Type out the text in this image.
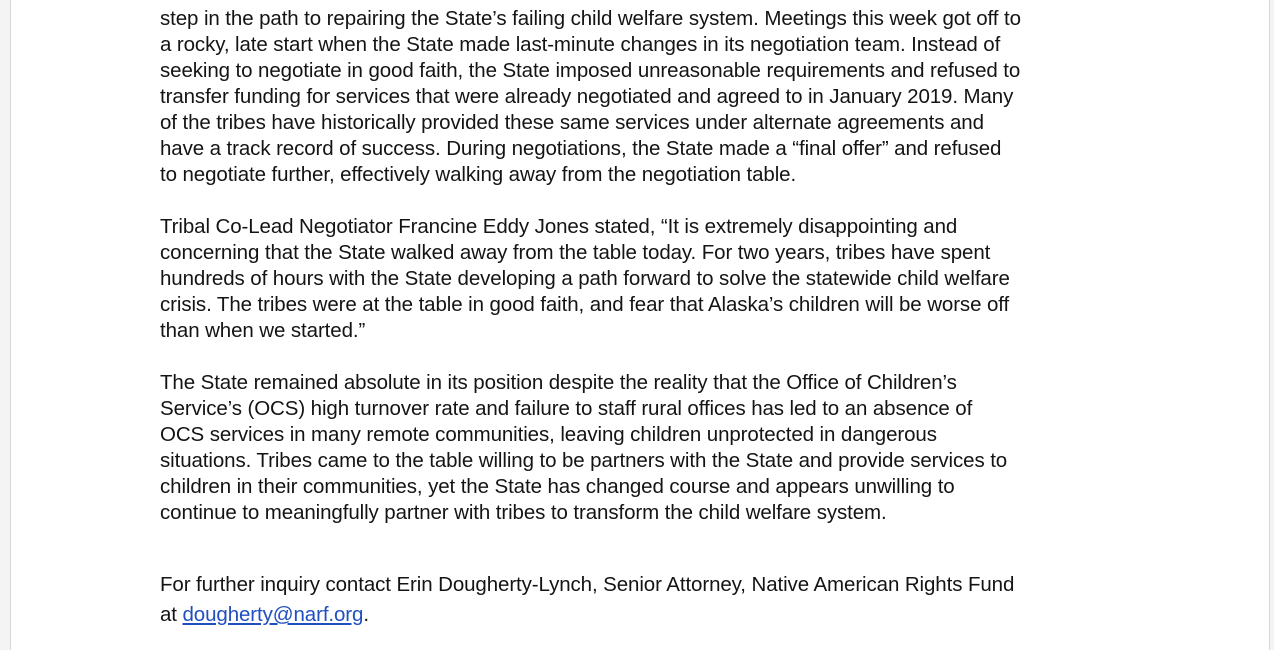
step in the path to repairing the State’s failing child welfare system. Meetings this week got off to
a rocky, late start when the State made last-minute changes in its negotiation team. Instead of
seeking to negotiate in good faith, the State imposed unreasonable requirements and refused to
transfer funding for services that were already negotiated and agreed to in January 2019. Many
of the tribes have historically provided these same services under alternate agreements and
have a track record of success. During negotiations, the State made a “final offer” and refused
to negotiate further, effectively walking away from the negotiation table.
Tribal Co-Lead Negotiator Francine Eddy Jones stated, “It is extremely disappointing and
concerning that the State walked away from the table today. For two years, tribes have spent
hundreds of hours with the State developing a path forward to solve the statewide child welfare
crisis. The tribes were at the table in good faith, and fear that Alaska’s children will be worse off
than when we started.”
The State remained absolute in its position despite the reality that the Office of Children’s
Service’s (OCS) high turnover rate and failure to staff rural offices has led to an absence of
OCS services in many remote communities, leaving children unprotected in dangerous
situations. Tribes came to the table willing to be partners with the State and provide services to
children in their communities, yet the State has changed course and appears unwilling to
continue to meaningfully partner with tribes to transform the child welfare system.
For further inquiry contact Erin Dougherty-Lynch, Senior Attorney, Native American Rights Fund
at dougherty@narf.org.
